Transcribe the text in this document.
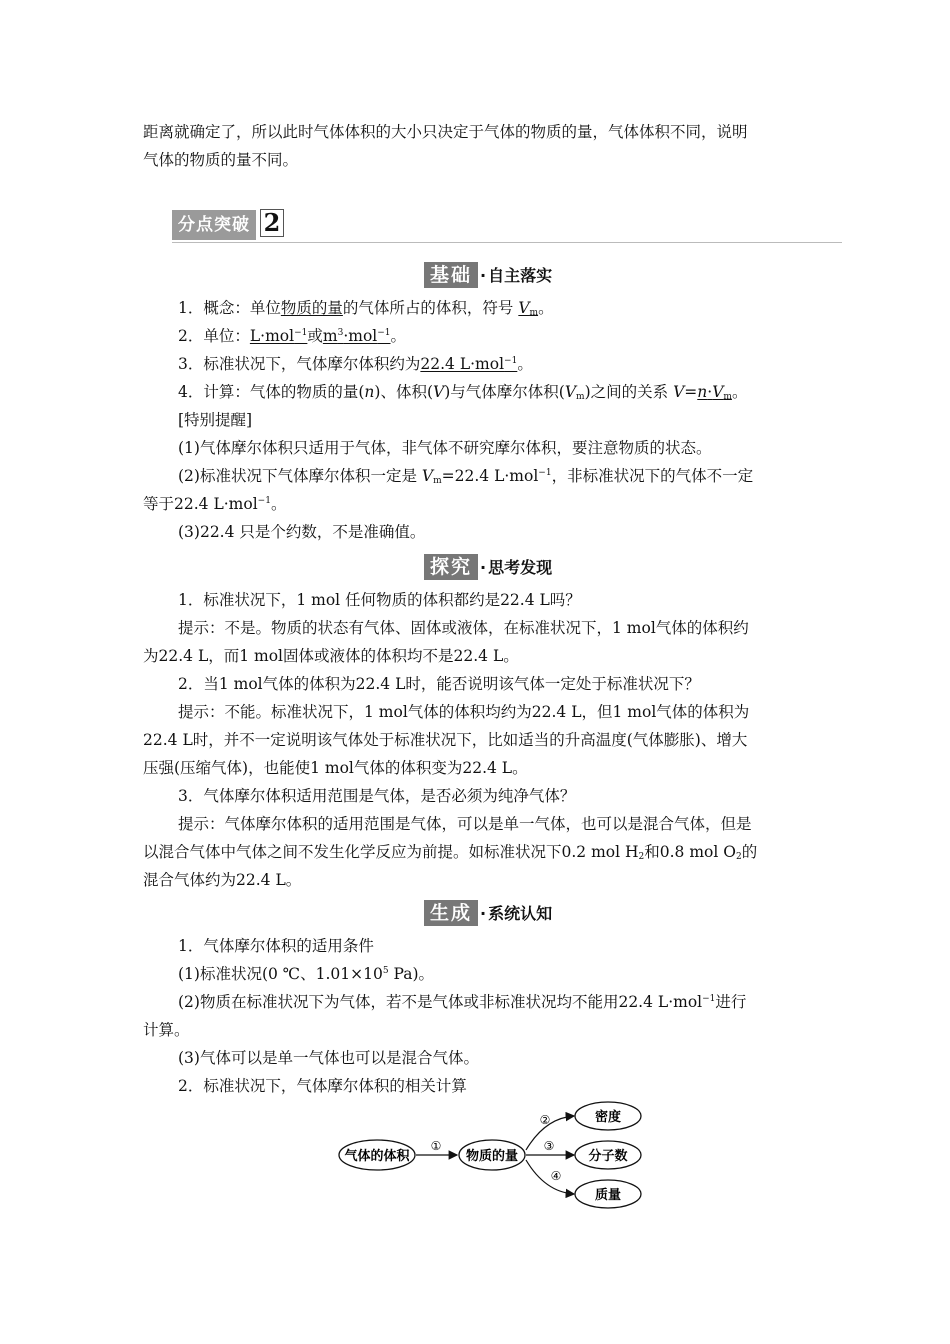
距离就确定了，所以此时气体体积的大小只决定于气体的物质的量，气体体积不同，说明
气体的物质的量不同。
分点突破 2
基础 · 自主落实
1．概念：单位物质的量的气体所占的体积，符号 $V_m$。
2．单位：L·mol$^{-1}$或$m^3\cdot mol^{-1}$。
3．标准状况下，气体摩尔体积约为22.4 L·mol$^{-1}$。
4．计算：气体的物质的量(n)、体积(V)与气体摩尔体积$(V_m)$之间的关系 $V=n\cdot V_m$。
[特别提醒]
(1)气体摩尔体积只适用于气体，非气体不研究摩尔体积，要注意物质的状态。
(2)标准状况下气体摩尔体积一定是 $V_m=22.4$ L·mol$^{-1}$，非标准状况下的气体不一定
等于22.4 L·mol$^{-1}$。
(3)22.4 只是个约数，不是准确值。
探究 · 思考发现
1．标准状况下，1 mol 任何物质的体积都约是22.4 L吗？
提示：不是。物质的状态有气体、固体或液体，在标准状况下，1 mol气体的体积约
为22.4 L，而1 mol固体或液体的体积均不是22.4 L。
2．当1 mol气体的体积为22.4 L时，能否说明该气体一定处于标准状况下？
提示：不能。标准状况下，1 mol气体的体积均约为22.4 L，但1 mol气体的体积为
22.4 L时，并不一定说明该气体处于标准状况下，比如适当的升高温度(气体膨胀)、增大
压强(压缩气体)，也能使1 mol气体的体积变为22.4 L。
3．气体摩尔体积适用范围是气体，是否必须为纯净气体？
提示：气体摩尔体积的适用范围是气体，可以是单一气体，也可以是混合气体，但是
以混合气体中气体之间不发生化学反应为前提。如标准状况下0.2 mol $H_2$和0.8 mol $O_2$的
混合气体约为22.4 L。
生成 · 系统认知
1．气体摩尔体积的适用条件
(1)标准状况(0 ℃、$1.01\times 10^5$ Pa)。
(2)物质在标准状况下为气体，若不是气体或非标准状况均不能用22.4 L·mol$^{-1}$进行
计算。
(3)气体可以是单一气体也可以是混合气体。
2．标准状况下，气体摩尔体积的相关计算
气体的体积	物质的量
密度
分子数
质量
①
②
③
④
